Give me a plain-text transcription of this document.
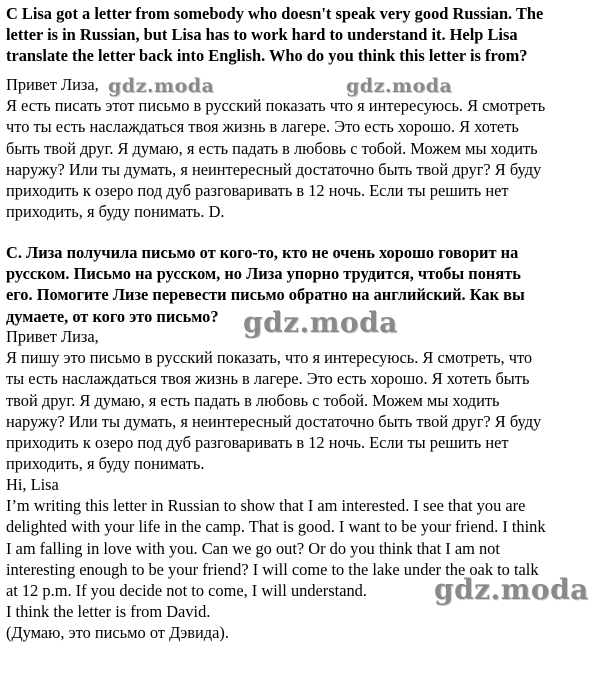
C Lisa got a letter from somebody who doesn't speak very good Russian. The
letter is in Russian, but Lisa has to work hard to understand it. Help Lisa
translate the letter back into English. Who do you think this letter is from?
Привет Лиза,
Я есть писать этот письмо в русский показать что я интересуюсь. Я смотреть
что ты есть наслаждаться твоя жизнь в лагере. Это есть хорошо. Я хотеть
быть твой друг. Я думаю, я есть падать в любовь с тобой. Можем мы ходить
наружу? Или ты думать, я неинтересный достаточно быть твой друг? Я буду
приходить к озеро под дуб разговаривать в 12 ночь. Если ты решить нет
приходить, я буду понимать. D.
С. Лиза получила письмо от кого-то, кто не очень хорошо говорит на
русском. Письмо на русском, но Лиза упорно трудится, чтобы понять
его. Помогите Лизе перевести письмо обратно на английский. Как вы
думаете, от кого это письмо?
Привет Лиза,
Я пишу это письмо в русский показать, что я интересуюсь. Я смотреть, что
ты есть наслаждаться твоя жизнь в лагере. Это есть хорошо. Я хотеть быть
твой друг. Я думаю, я есть падать в любовь с тобой. Можем мы ходить
наружу? Или ты думать, я неинтересный достаточно быть твой друг? Я буду
приходить к озеро под дуб разговаривать в 12 ночь. Если ты решить нет
приходить, я буду понимать.
Hi, Lisa
I’m writing this letter in Russian to show that I am interested. I see that you are
delighted with your life in the camp. That is good. I want to be your friend. I think
I am falling in love with you. Can we go out? Or do you think that I am not
interesting enough to be your friend? I will come to the lake under the oak to talk
at 12 p.m. If you decide not to come, I will understand.
I think the letter is from David.
(Думаю, это письмо от Дэвида).
gdz.moda	gdz.moda
gdz.moda
gdz.moda
